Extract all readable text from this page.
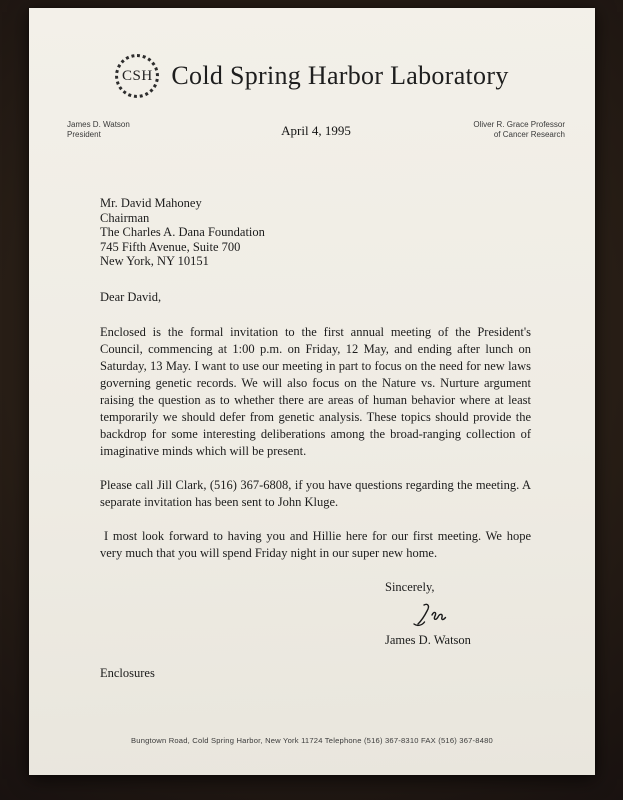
CSH Cold Spring Harbor Laboratory
James D. Watson
President	April 4, 1995	Oliver R. Grace Professor
of Cancer Research
Mr. David Mahoney
Chairman
The Charles A. Dana Foundation
745 Fifth Avenue, Suite 700
New York, NY 10151
Dear David,

Enclosed is the formal invitation to the first annual meeting of the President's Council, commencing at 1:00 p.m. on Friday, 12 May, and ending after lunch on Saturday, 13 May. I want to use our meeting in part to focus on the need for new laws governing genetic records. We will also focus on the Nature vs. Nurture argument raising the question as to whether there are areas of human behavior where at least temporarily we should defer from genetic analysis. These topics should provide the backdrop for some interesting deliberations among the broad-ranging collection of imaginative minds which will be present.

Please call Jill Clark, (516) 367-6808, if you have questions regarding the meeting. A separate invitation has been sent to John Kluge.

I most look forward to having you and Hillie here for our first meeting. We hope very much that you will spend Friday night in our super new home.

Sincerely,
James D. Watson
Enclosures
Bungtown Road, Cold Spring Harbor, New York 11724 Telephone (516) 367-8310 FAX (516) 367-8480
